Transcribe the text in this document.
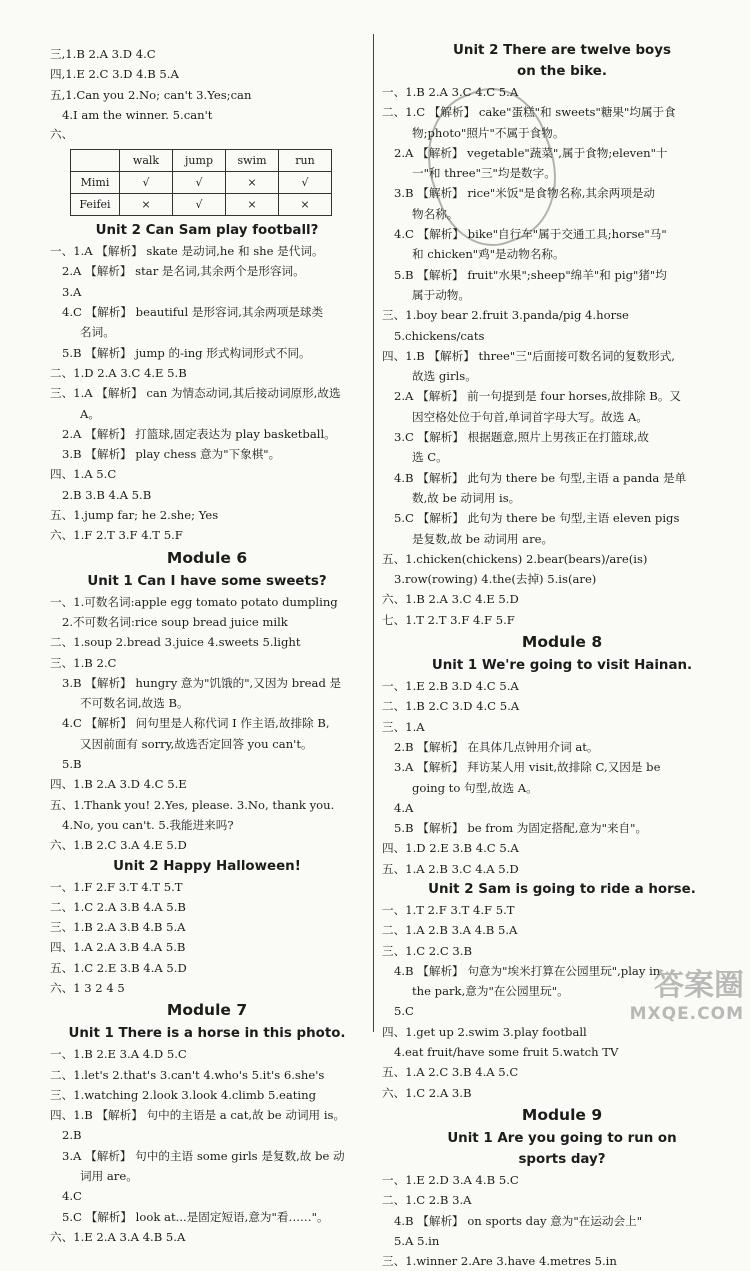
三,1.B 2.A 3.D 4.C
四,1.E 2.C 3.D 4.B 5.A
五,1.Can you 2.No; can't 3.Yes;can
4.I am the winner. 5.can't
六、
	walk	jump	swim	run
Mimi	√	√	×	√
Feifei	×	√	×	×
Unit 2 Can Sam play football?
一、1.A 【解析】 skate 是动词,he 和 she 是代词。
2.A 【解析】 star 是名词,其余两个是形容词。
3.A
4.C 【解析】 beautiful 是形容词,其余两项是球类
名词。
5.B 【解析】 jump 的-ing 形式构词形式不同。
二、1.D 2.A 3.C 4.E 5.B
三、1.A 【解析】 can 为情态动词,其后接动词原形,故选
A。
2.A 【解析】 打篮球,固定表达为 play basketball。
3.B 【解析】 play chess 意为"下象棋"。
四、1.A 5.C
2.B 3.B 4.A 5.B
五、1.jump far; he 2.she; Yes
六、1.F 2.T 3.F 4.T 5.F
Module 6
Unit 1 Can I have some sweets?
一、1.可数名词:apple egg tomato potato dumpling
2.不可数名词:rice soup bread juice milk
二、1.soup 2.bread 3.juice 4.sweets 5.light
三、1.B 2.C
3.B 【解析】 hungry 意为"饥饿的",又因为 bread 是
不可数名词,故选 B。
4.C 【解析】 问句里是人称代词 I 作主语,故排除 B,
又因前面有 sorry,故选否定回答 you can't。
5.B
四、1.B 2.A 3.D 4.C 5.E
五、1.Thank you! 2.Yes, please. 3.No, thank you.
4.No, you can't. 5.我能进来吗?
六、1.B 2.C 3.A 4.E 5.D
Unit 2 Happy Halloween!
一、1.F 2.F 3.T 4.T 5.T
二、1.C 2.A 3.B 4.A 5.B
三、1.B 2.A 3.B 4.B 5.A
四、1.A 2.A 3.B 4.A 5.B
五、1.C 2.E 3.B 4.A 5.D
六、1 3 2 4 5
Module 7
Unit 1 There is a horse in this photo.
一、1.B 2.E 3.A 4.D 5.C
二、1.let's 2.that's 3.can't 4.who's 5.it's 6.she's
三、1.watching 2.look 3.look 4.climb 5.eating
四、1.B 【解析】 句中的主语是 a cat,故 be 动词用 is。
2.B
3.A 【解析】 句中的主语 some girls 是复数,故 be 动
词用 are。
4.C
5.C 【解析】 look at...是固定短语,意为"看……"。
六、1.E 2.A 3.A 4.B 5.A
Unit 2 There are twelve boys
on the bike.
一、1.B 2.A 3.C 4.C 5.A
二、1.C 【解析】 cake"蛋糕"和 sweets"糖果"均属于食
物;photo"照片"不属于食物。
2.A 【解析】 vegetable"蔬菜",属于食物;eleven"十
一"和 three"三"均是数字。
3.B 【解析】 rice"米饭"是食物名称,其余两项是动
物名称。
4.C 【解析】 bike"自行车"属于交通工具;horse"马"
和 chicken"鸡"是动物名称。
5.B 【解析】 fruit"水果";sheep"绵羊"和 pig"猪"均
属于动物。
三、1.boy bear 2.fruit 3.panda/pig 4.horse
5.chickens/cats
四、1.B 【解析】 three"三"后面接可数名词的复数形式,
故选 girls。
2.A 【解析】 前一句提到是 four horses,故排除 B。又
因空格处位于句首,单词首字母大写。故选 A。
3.C 【解析】 根据题意,照片上男孩正在打篮球,故
选 C。
4.B 【解析】 此句为 there be 句型,主语 a panda 是单
数,故 be 动词用 is。
5.C 【解析】 此句为 there be 句型,主语 eleven pigs
是复数,故 be 动词用 are。
五、1.chicken(chickens) 2.bear(bears)/are(is)
3.row(rowing) 4.the(去掉) 5.is(are)
六、1.B 2.A 3.C 4.E 5.D
七、1.T 2.T 3.F 4.F 5.F
Module 8
Unit 1 We're going to visit Hainan.
一、1.E 2.B 3.D 4.C 5.A
二、1.B 2.C 3.D 4.C 5.A
三、1.A
2.B 【解析】 在具体几点钟用介词 at。
3.A 【解析】 拜访某人用 visit,故排除 C,又因是 be
going to 句型,故选 A。
4.A
5.B 【解析】 be from 为固定搭配,意为"来自"。
四、1.D 2.E 3.B 4.C 5.A
五、1.A 2.B 3.C 4.A 5.D
Unit 2 Sam is going to ride a horse.
一、1.T 2.F 3.T 4.F 5.T
二、1.A 2.B 3.A 4.B 5.A
三、1.C 2.C 3.B
4.B 【解析】 句意为"埃米打算在公园里玩",play in
the park,意为"在公园里玩"。
5.C
四、1.get up 2.swim 3.play football
4.eat fruit/have some fruit 5.watch TV
五、1.A 2.C 3.B 4.A 5.C
六、1.C 2.A 3.B
Module 9
Unit 1 Are you going to run on
sports day?
一、1.E 2.D 3.A 4.B 5.C
二、1.C 2.B 3.A
4.B 【解析】 on sports day 意为"在运动会上"
5.A 5.in
三、1.winner 2.Are 3.have 4.metres 5.in
答案圈
MXQE.COM
